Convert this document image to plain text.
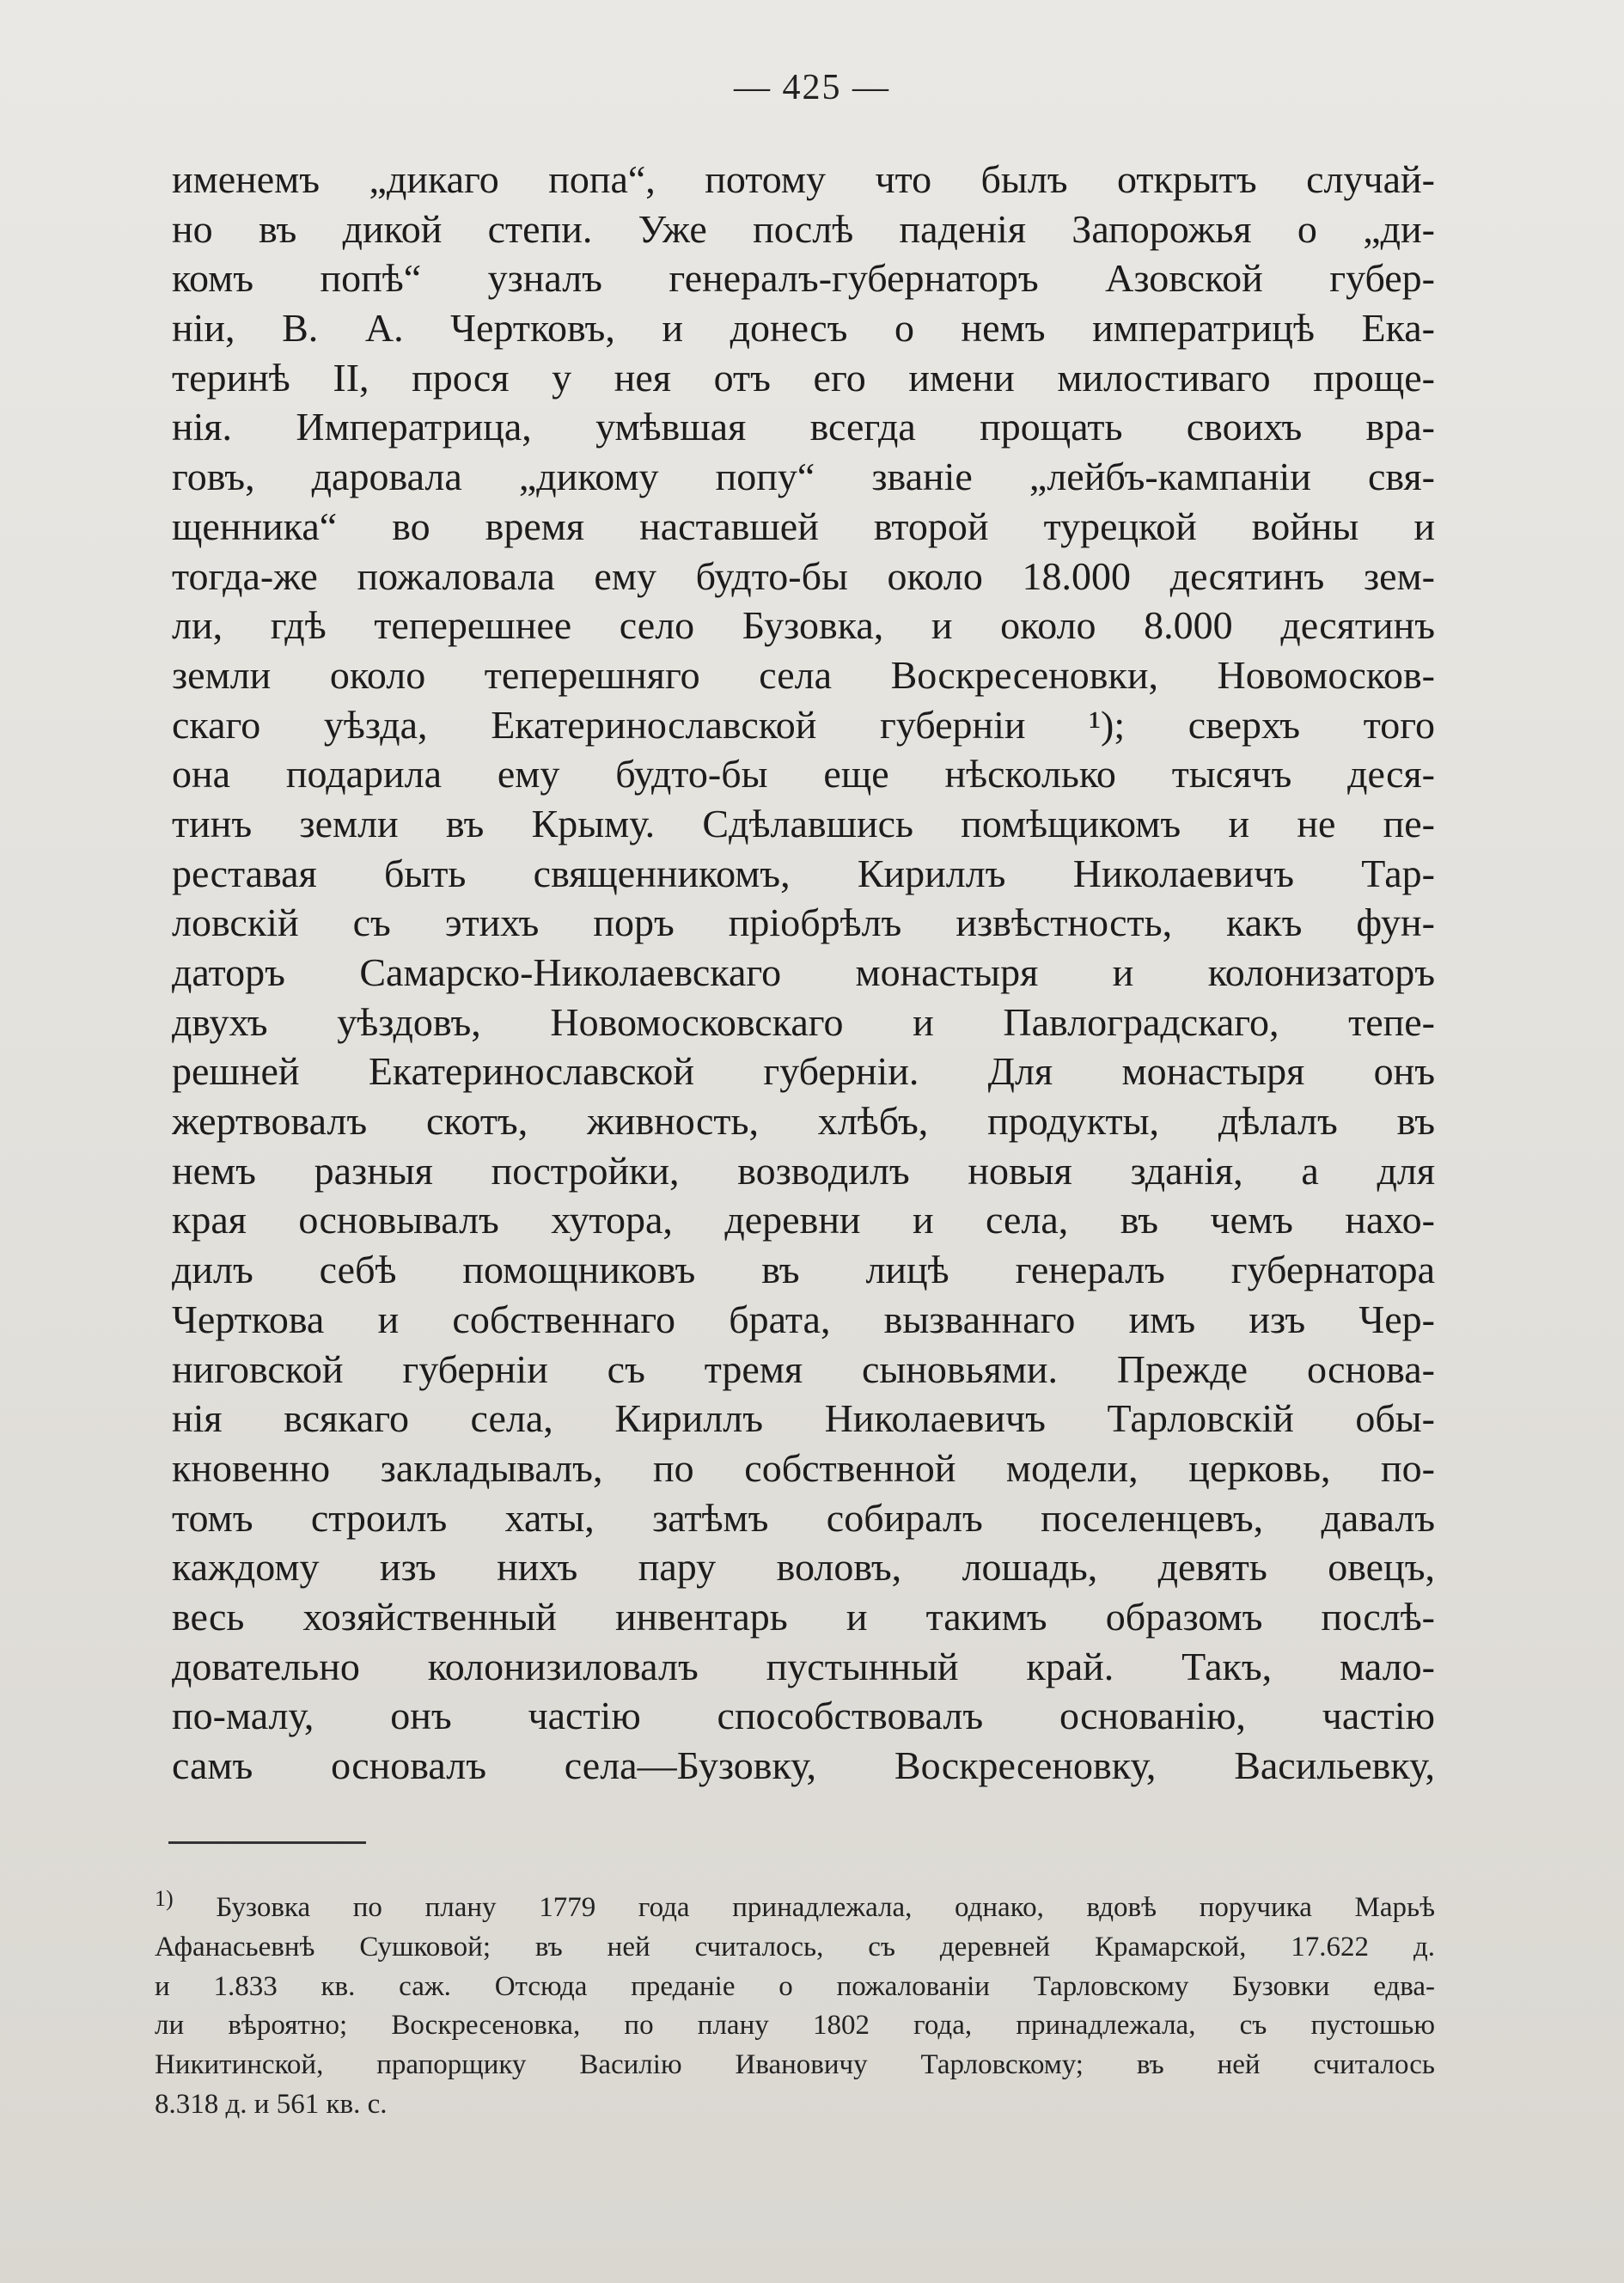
— 425 —
именемъ „дикаго попа“, потому что былъ открытъ случай-
но въ дикой степи. Уже послѣ паденія Запорожья о „ди-
комъ попѣ“ узналъ генералъ-губернаторъ Азовской губер-
ніи, В. А. Чертковъ, и донесъ о немъ императрицѣ Ека-
теринѣ II, прося у нея отъ его имени милостиваго проще-
нія. Императрица, умѣвшая всегда прощать своихъ вра-
говъ, даровала „дикому попу“ званіе „лейбъ-кампаніи свя-
щенника“ во время наставшей второй турецкой войны и
тогда-же пожаловала ему будто-бы около 18.000 десятинъ зем-
ли, гдѣ теперешнее село Бузовка, и около 8.000 десятинъ
земли около теперешняго села Воскресеновки, Новомосков-
скаго уѣзда, Екатеринославской губерніи ¹); сверхъ того
она подарила ему будто-бы еще нѣсколько тысячъ деся-
тинъ земли въ Крыму. Сдѣлавшись помѣщикомъ и не пе-
реставая быть священникомъ, Кириллъ Николаевичъ Тар-
ловскій съ этихъ поръ пріобрѣлъ извѣстность, какъ фун-
даторъ Самарско-Николаевскаго монастыря и колонизаторъ
двухъ уѣздовъ, Новомосковскаго и Павлоградскаго, тепе-
решней Екатеринославской губерніи. Для монастыря онъ
жертвовалъ скотъ, живность, хлѣбъ, продукты, дѣлалъ въ
немъ разныя постройки, возводилъ новыя зданія, а для
края основывалъ хутора, деревни и села, въ чемъ нахо-
дилъ себѣ помощниковъ въ лицѣ генералъ губернатора
Черткова и собственнаго брата, вызваннаго имъ изъ Чер-
ниговской губерніи съ тремя сыновьями. Прежде основа-
нія всякаго села, Кириллъ Николаевичъ Тарловскій обы-
кновенно закладывалъ, по собственной модели, церковь, по-
томъ строилъ хаты, затѣмъ собиралъ поселенцевъ, давалъ
каждому изъ нихъ пару воловъ, лошадь, девять овецъ,
весь хозяйственный инвентарь и такимъ образомъ послѣ-
довательно колонизиловалъ пустынный край. Такъ, мало-
по-малу, онъ частію способствовалъ основанію, частію
самъ основалъ села—Бузовку, Воскресеновку, Васильевку,
$^{1)}$ Бузовка по плану 1779 года принадлежала, однако, вдовѣ поручика Марьѣ
Афанасьевнѣ Сушковой; въ ней считалось, съ деревней Крамарской, 17.622 д.
и 1.833 кв. саж. Отсюда преданіе о пожалованіи Тарловскому Бузовки едва-
ли вѣроятно; Воскресеновка, по плану 1802 года, принадлежала, съ пустошью
Никитинской, прапорщику Василію Ивановичу Тарловскому; въ ней считалось
8.318 д. и 561 кв. с.
